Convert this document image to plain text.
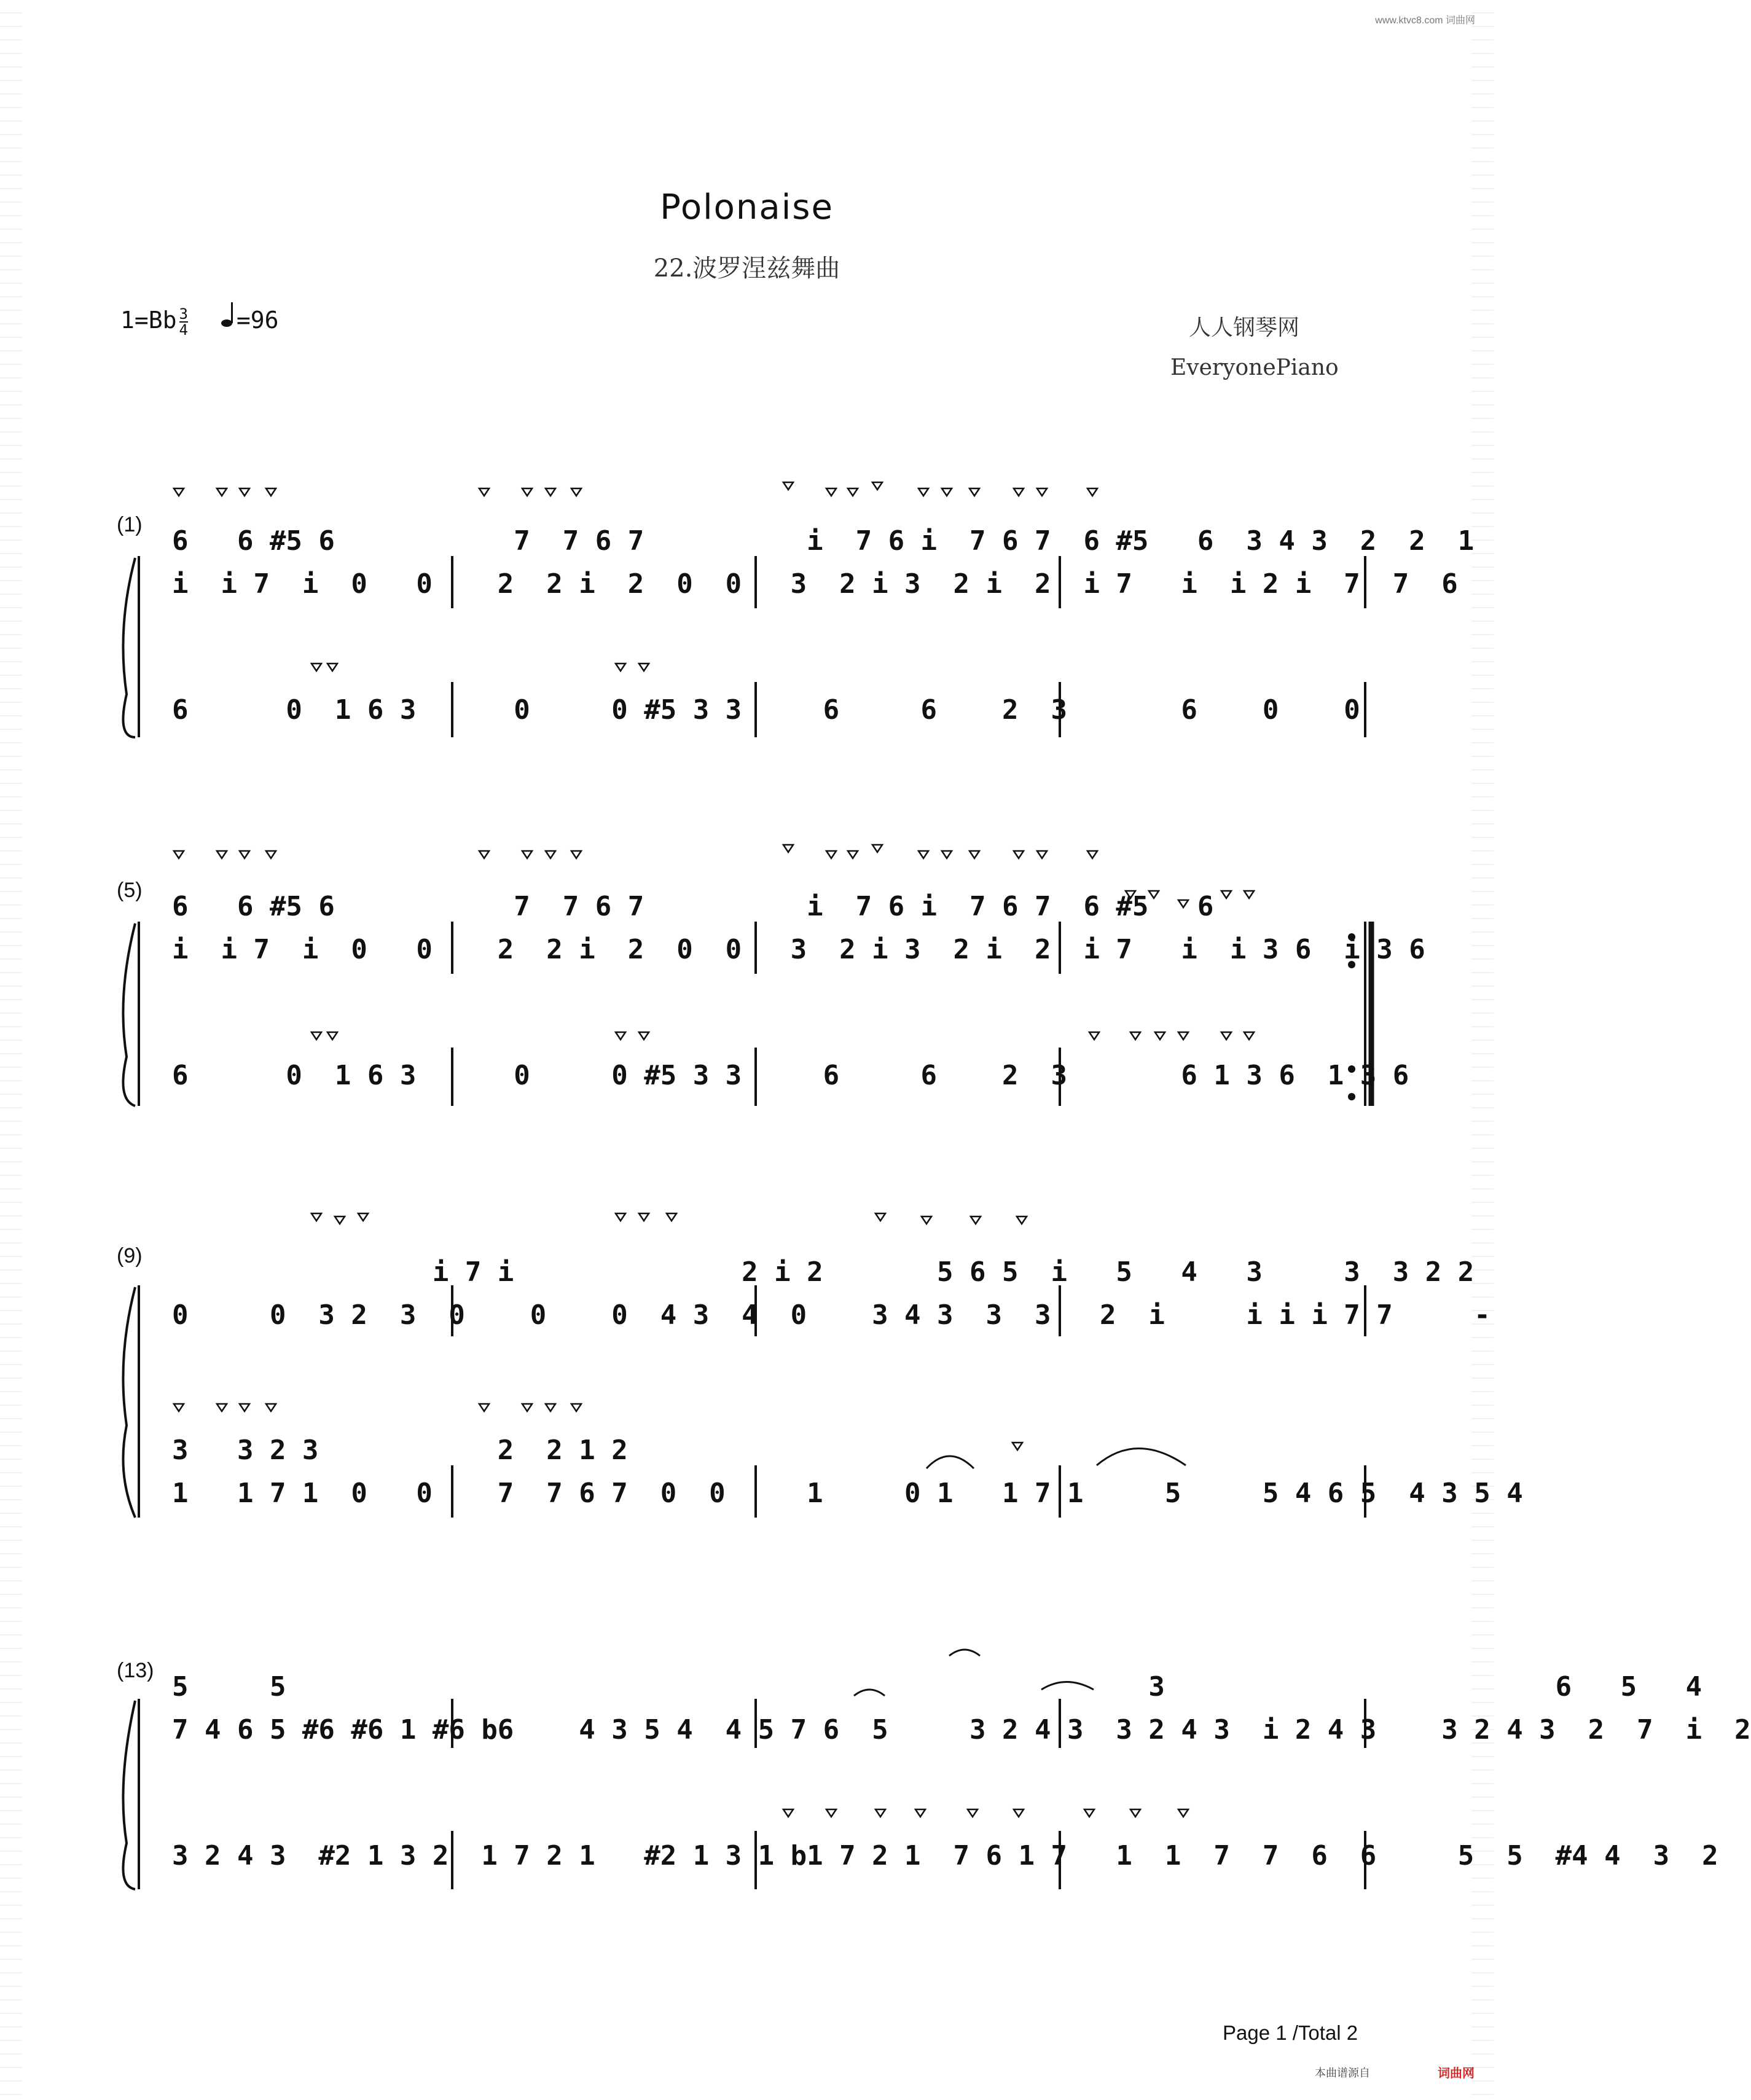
www.ktvc8.com 词曲网
Polonaise
22.波罗涅兹舞曲
$1=Bb \frac{3}{4} =96$	人人钢琴网
EveryonePiano
(1)
6   6 #5 6           7  7 6 7          i  7 6 i  7 6 7  6 #5   6  3 4 3  2  2  1
i  i 7  i  0   0    2  2 i  2  0  0   3  2 i 3  2 i  2  i 7   i  i 2 i  7  7  6
6      0  1 6 3      0     0 #5 3 3     6     6    2  3       6    0    0
(5)
6   6 #5 6           7  7 6 7          i  7 6 i  7 6 7  6 #5   6
i  i 7  i  0   0    2  2 i  2  0  0   3  2 i 3  2 i  2  i 7   i  i 3 6  i 3 6
6      0  1 6 3      0     0 #5 3 3     6     6    2  3       6 1 3 6  1 3 6
(9)
i 7 i              2 i 2       5 6 5  i   5   4   3     3  3 2 2
0     0  3 2  3  0    0    0  4 3  4  0    3 4 3  3  3   2  i     i i i 7 7     -
3   3 2 3           2  2 1 2
1   1 7 1  0   0    7  7 6 7  0  0     1     0 1   1 7 1     5     5 4 6 5  4 3 5 4
(13)
5     5                                                     3                        6   5   4
7 4 6 5 #6 #6 1 #6 b6    4 3 5 4  4 5 7 6  5     3 2 4 3  3 2 4 3  i 2 4 3    3 2 4 3  2  7  i  2
3 2 4 3  #2 1 3 2  1 7 2 1   #2 1 3 1 b1 7 2 1  7 6 1 7   1  1  7  7  6  6     5  5  #4 4  3  2
Page 1 /Total 2
本曲谱源自	词曲网
